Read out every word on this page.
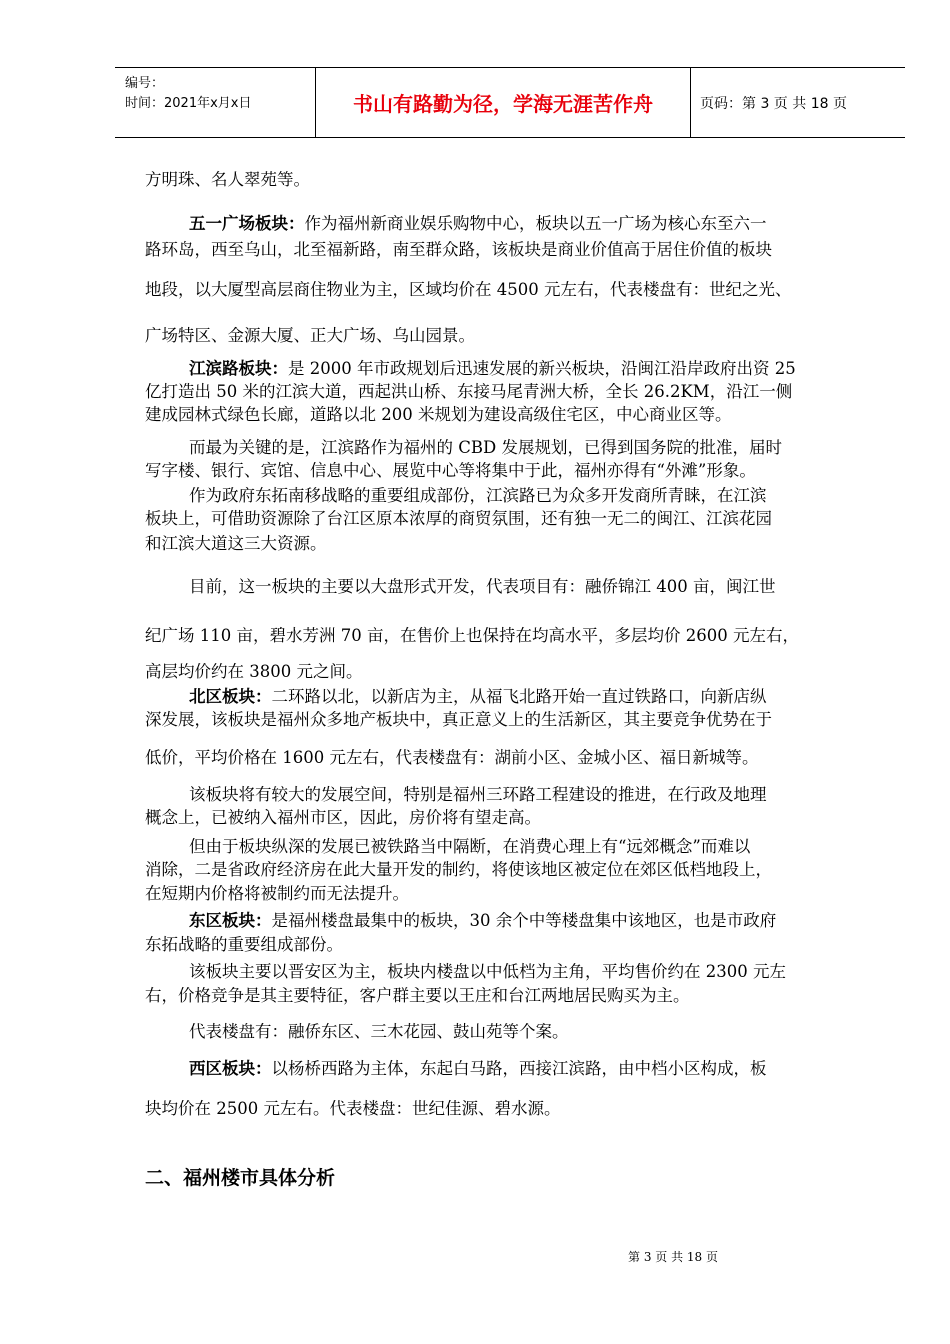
编号：
时间：2021年x月x日	书山有路勤为径，学海无涯苦作舟	页码：第 3 页 共 18 页
方明珠、名人翠苑等。
五一广场板块：作为福州新商业娱乐购物中心，板块以五一广场为核心东至六一
路环岛，西至乌山，北至福新路，南至群众路，该板块是商业价值高于居住价值的板块
地段，以大厦型高层商住物业为主，区域均价在 4500 元左右，代表楼盘有：世纪之光、
广场特区、金源大厦、正大广场、乌山园景。
江滨路板块：是 2000 年市政规划后迅速发展的新兴板块，沿闽江沿岸政府出资 25
亿打造出 50 米的江滨大道，西起洪山桥、东接马尾青洲大桥，全长 26.2KM，沿江一侧
建成园林式绿色长廊，道路以北 200 米规划为建设高级住宅区，中心商业区等。
而最为关键的是，江滨路作为福州的 CBD 发展规划，已得到国务院的批准，届时
写字楼、银行、宾馆、信息中心、展览中心等将集中于此，福州亦得有“外滩”形象。
作为政府东拓南移战略的重要组成部份，江滨路已为众多开发商所青睐，在江滨
板块上，可借助资源除了台江区原本浓厚的商贸氛围，还有独一无二的闽江、江滨花园
和江滨大道这三大资源。
目前，这一板块的主要以大盘形式开发，代表项目有：融侨锦江 400 亩，闽江世
纪广场 110 亩，碧水芳洲 70 亩，在售价上也保持在均高水平，多层均价 2600 元左右，
高层均价约在 3800 元之间。
北区板块：二环路以北，以新店为主，从福飞北路开始一直过铁路口，向新店纵
深发展，该板块是福州众多地产板块中，真正意义上的生活新区，其主要竞争优势在于
低价，平均价格在 1600 元左右，代表楼盘有：湖前小区、金城小区、福日新城等。
该板块将有较大的发展空间，特别是福州三环路工程建设的推进，在行政及地理
概念上，已被纳入福州市区，因此，房价将有望走高。
但由于板块纵深的发展已被铁路当中隔断，在消费心理上有“远郊概念”而难以
消除，二是省政府经济房在此大量开发的制约，将使该地区被定位在郊区低档地段上，
在短期内价格将被制约而无法提升。
东区板块：是福州楼盘最集中的板块，30 余个中等楼盘集中该地区，也是市政府
东拓战略的重要组成部份。
该板块主要以晋安区为主，板块内楼盘以中低档为主角，平均售价约在 2300 元左
右，价格竞争是其主要特征，客户群主要以王庄和台江两地居民购买为主。
代表楼盘有：融侨东区、三木花园、鼓山苑等个案。
西区板块：以杨桥西路为主体，东起白马路，西接江滨路，由中档小区构成，板
块均价在 2500 元左右。代表楼盘：世纪佳源、碧水源。
二、福州楼市具体分析
第 3 页 共 18 页
